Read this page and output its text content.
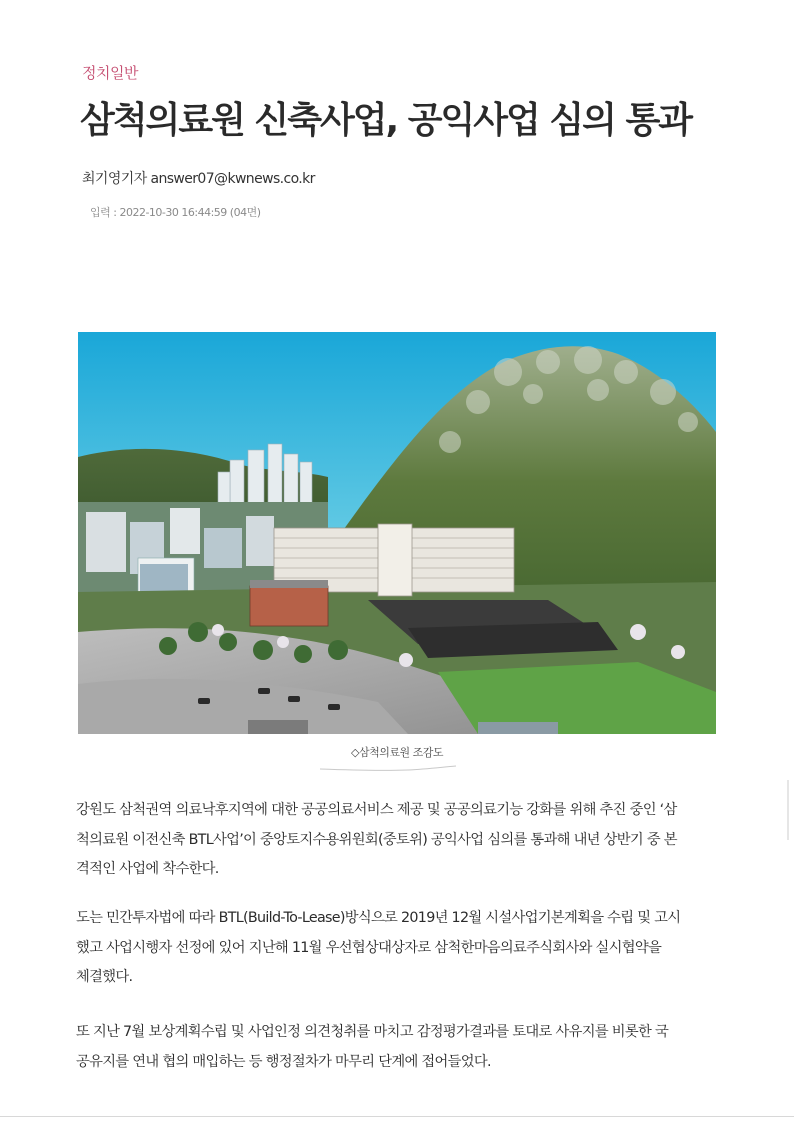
정치일반
삼척의료원 신축사업, 공익사업 심의 통과
최기영기자 answer07@kwnews.co.kr
입력 : 2022-10-30 16:44:59 (04면)
◇삼척의료원 조감도
강원도 삼척권역 의료낙후지역에 대한 공공의료서비스 제공 및 공공의료기능 강화를 위해 추진 중인 ‘삼
척의료원 이전신축 BTL사업’이 중앙토지수용위원회(중토위) 공익사업 심의를 통과해 내년 상반기 중 본
격적인 사업에 착수한다.
도는 민간투자법에 따라 BTL(Build-To-Lease)방식으로 2019년 12월 시설사업기본계획을 수립 및 고시
했고 사업시행자 선정에 있어 지난해 11월 우선협상대상자로 삼척한마음의료주식회사와 실시협약을
체결했다.
또 지난 7월 보상계획수립 및 사업인정 의견청취를 마치고 감정평가결과를 토대로 사유지를 비롯한 국
공유지를 연내 협의 매입하는 등 행정절차가 마무리 단계에 접어들었다.
